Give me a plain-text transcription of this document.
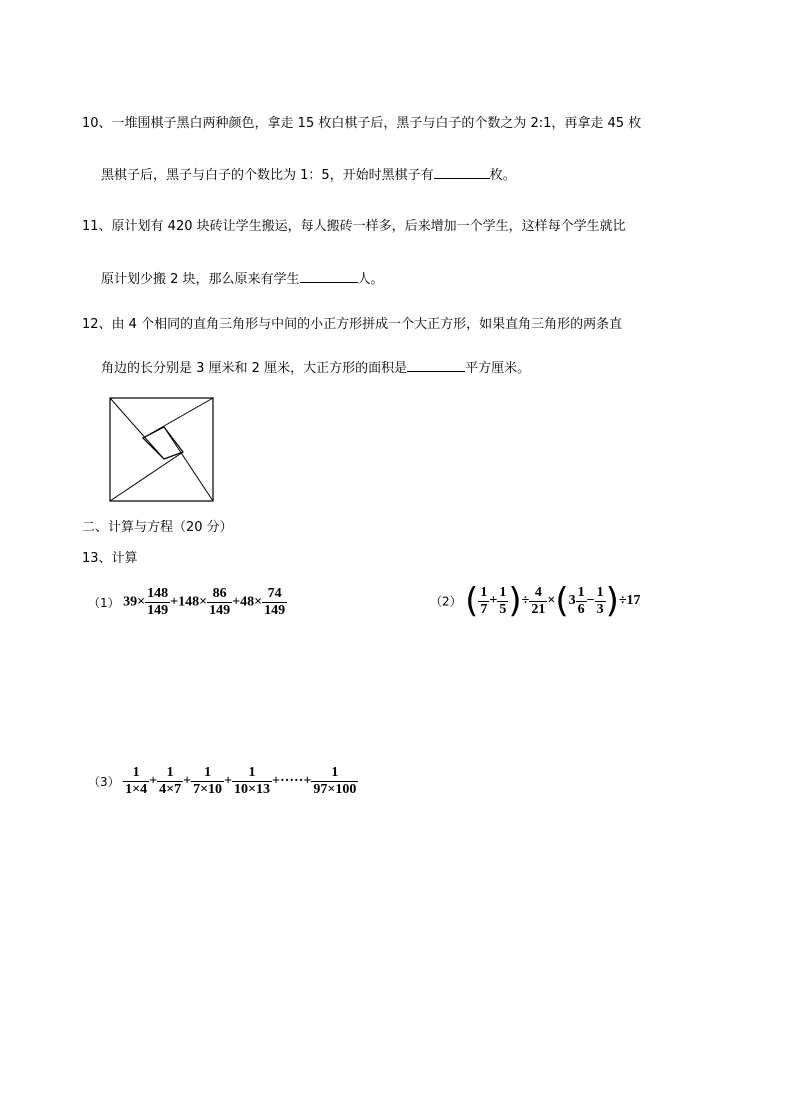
10、一堆围棋子黑白两种颜色，拿走 15 枚白棋子后，黑子与白子的个数之为 2:1，再拿走 45 枚
黑棋子后，黑子与白子的个数比为 1：5，开始时黑棋子有	枚。
11、原计划有 420 块砖让学生搬运，每人搬砖一样多，后来增加一个学生，这样每个学生就比
原计划少搬 2 块，那么原来有学生	人。
12、由 4 个相同的直角三角形与中间的小正方形拼成一个大正方形，如果直角三角形的两条直
角边的长分别是 3 厘米和 2 厘米，大正方形的面积是	平方厘米。
二、计算与方程（20 分）
13、计算
（1） $39\times \frac{148}{149} +148\times \frac{86}{149} +48\times \frac{74}{149}$	（2） ( $\frac{1}{7} + \frac{1}{5}$ )÷ $\frac{4}{21} \times(3 \frac{1}{6} - \frac{1}{3} )\div 17$
$(3) \frac{1}{1\times 4} + \frac{1}{4\times 7} + \frac{1}{7\times 10} + \frac{1}{10\times 13}$ +·····+ $\frac{1}{97\times 100}$
